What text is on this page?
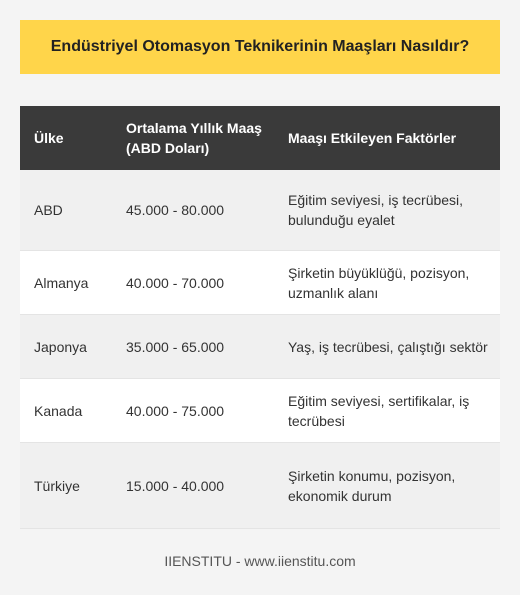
Endüstriyel Otomasyon Teknikerinin Maaşları Nasıldır?
Ülke	Ortalama Yıllık Maaş (ABD Doları)	Maaşı Etkileyen Faktörler
ABD	45.000 - 80.000	Eğitim seviyesi, iş tecrübesi, bulunduğu eyalet
Almanya	40.000 - 70.000	Şirketin büyüklüğü, pozisyon, uzmanlık alanı
Japonya	35.000 - 65.000	Yaş, iş tecrübesi, çalıştığı sektör
Kanada	40.000 - 75.000	Eğitim seviyesi, sertifikalar, iş tecrübesi
Türkiye	15.000 - 40.000	Şirketin konumu, pozisyon, ekonomik durum
IIENSTITU - www.iienstitu.com
